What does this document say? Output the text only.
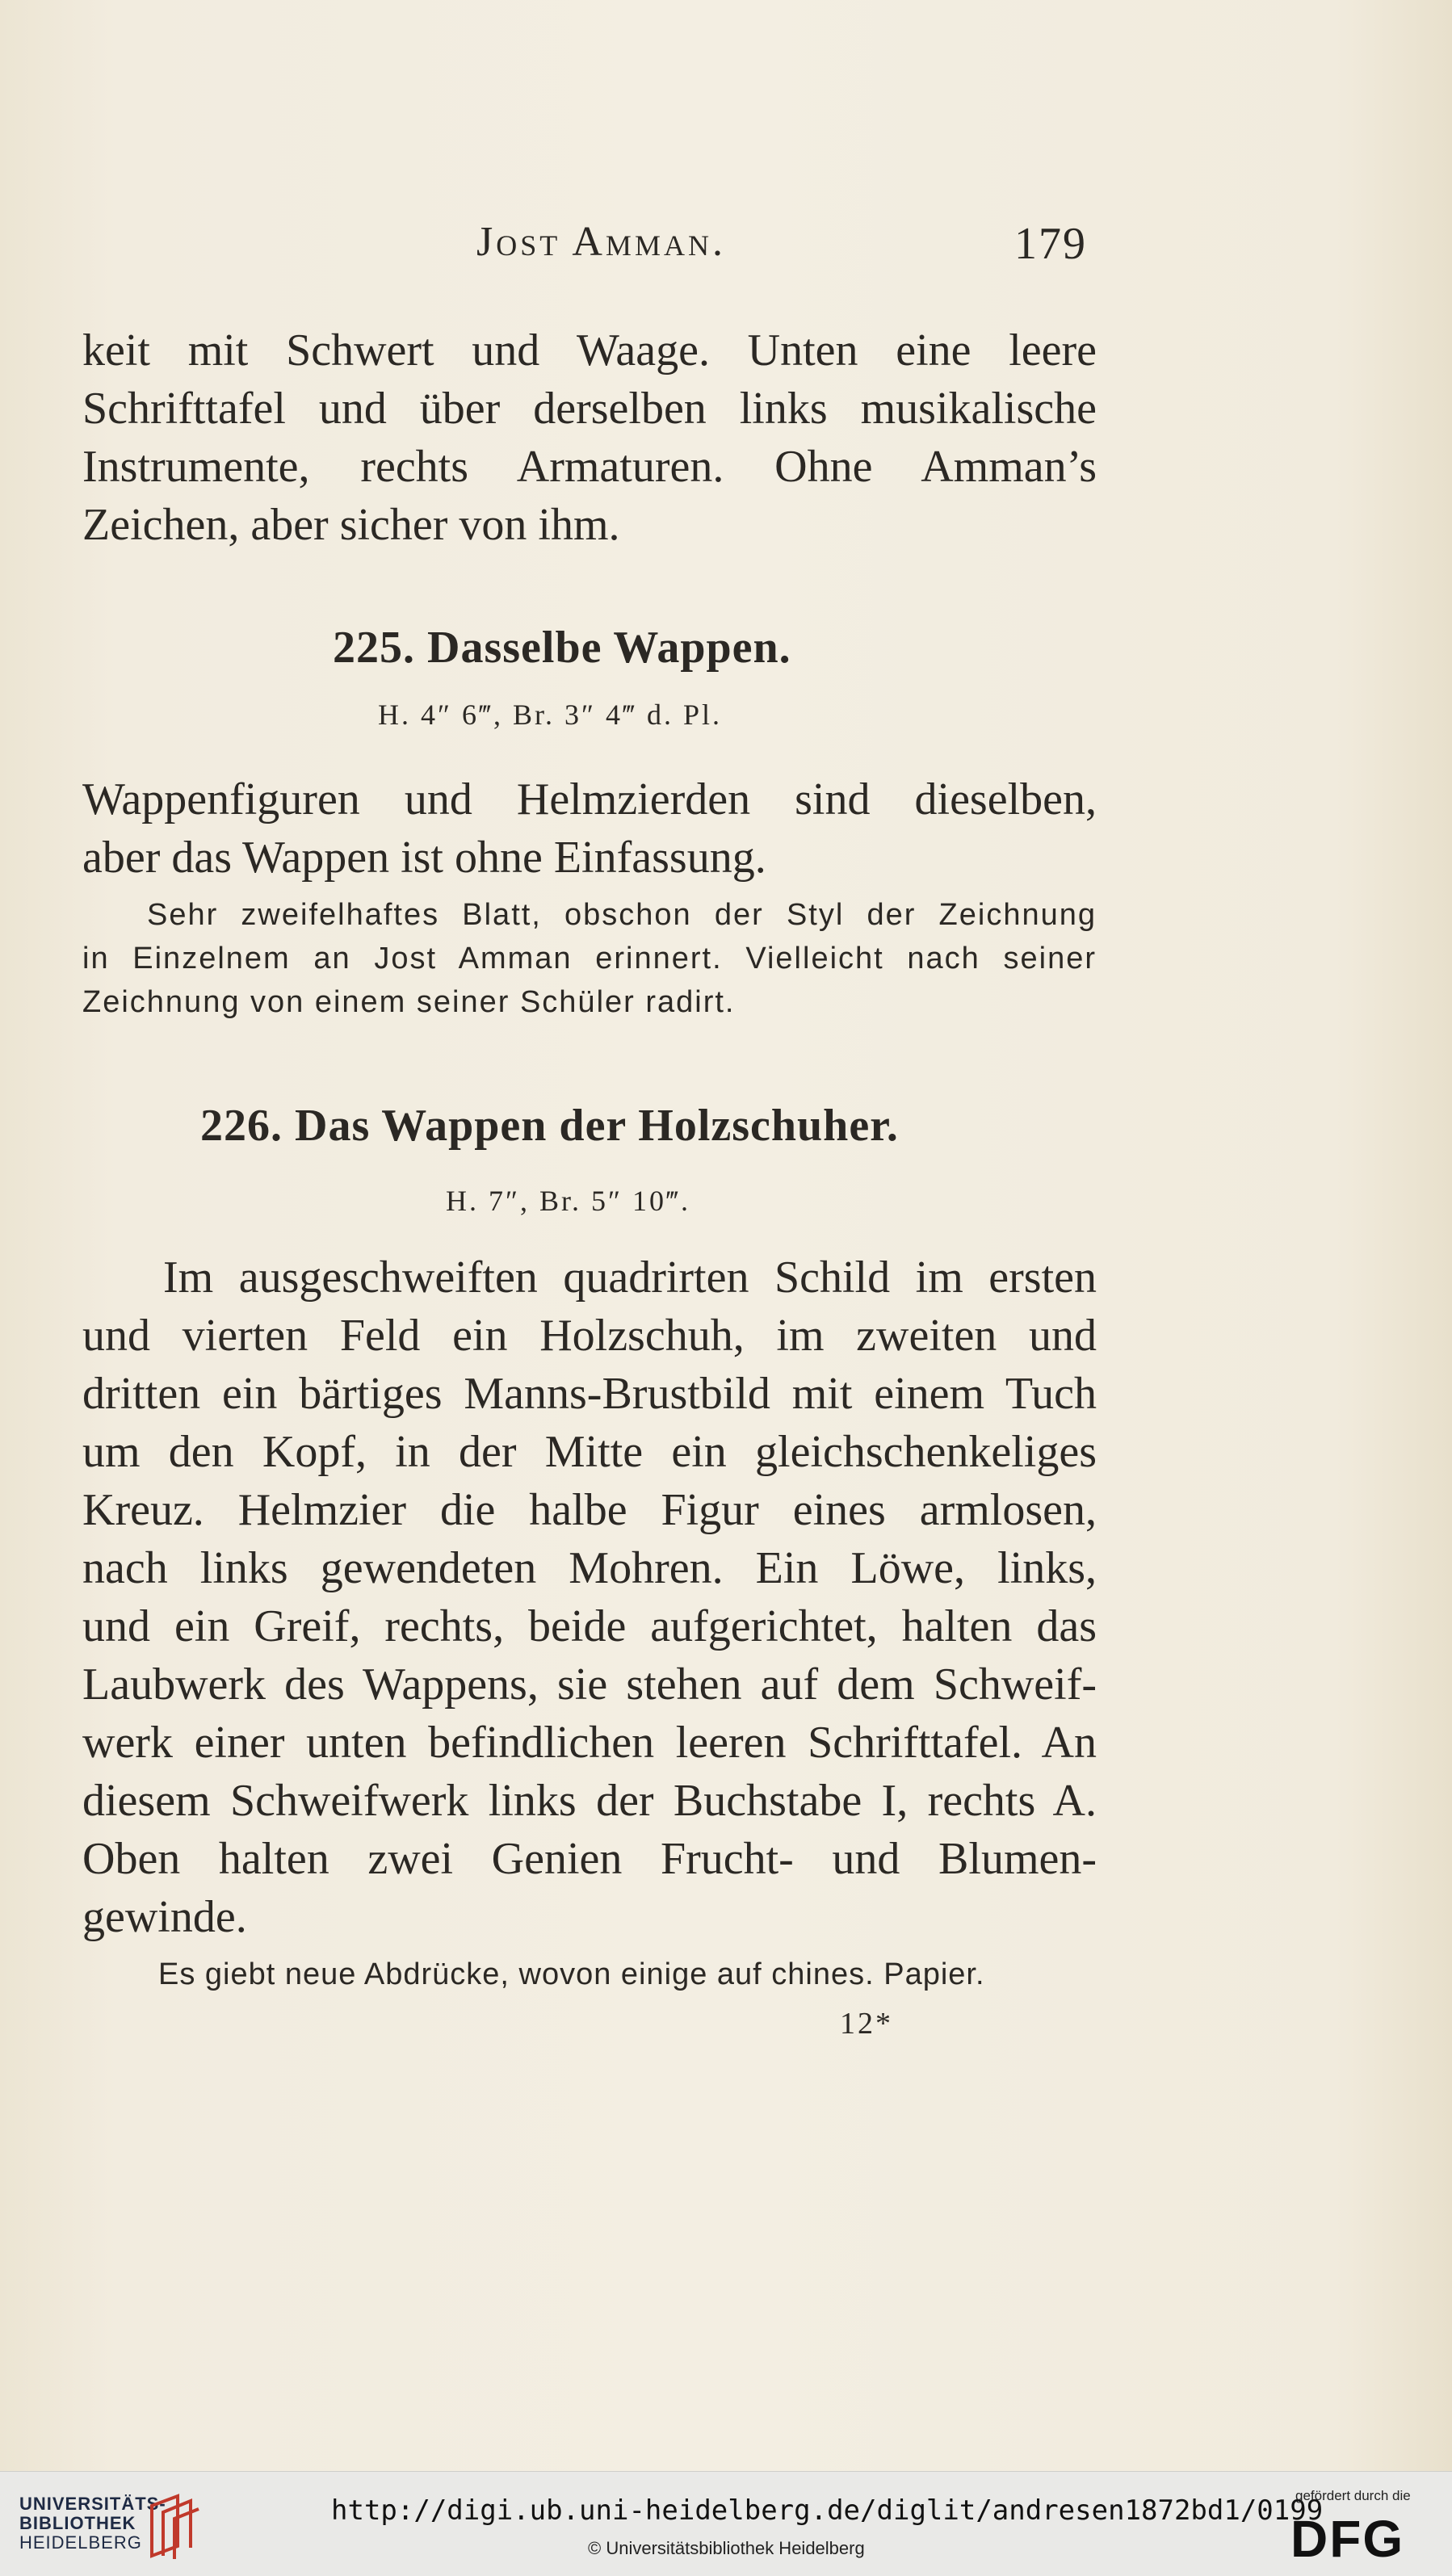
Jost Amman.	179
keit mit Schwert und Waage. Unten eine leere
Schrifttafel und über derselben links musikalische
Instrumente, rechts Armaturen. Ohne Amman’s
Zeichen, aber sicher von ihm.
225. Dasselbe Wappen.
H. 4″ 6‴, Br. 3″ 4‴ d. Pl.
Wappenfiguren und Helmzierden sind dieselben,
aber das Wappen ist ohne Einfassung.
Sehr zweifelhaftes Blatt, obschon der Styl der Zeichnung
in Einzelnem an Jost Amman erinnert. Vielleicht nach seiner
Zeichnung von einem seiner Schüler radirt.
226. Das Wappen der Holzschuher.
H. 7″, Br. 5″ 10‴.
Im ausgeschweiften quadrirten Schild im ersten
und vierten Feld ein Holzschuh, im zweiten und
dritten ein bärtiges Manns-Brustbild mit einem Tuch
um den Kopf, in der Mitte ein gleichschenkeliges
Kreuz. Helmzier die halbe Figur eines armlosen,
nach links gewendeten Mohren. Ein Löwe, links,
und ein Greif, rechts, beide aufgerichtet, halten das
Laubwerk des Wappens, sie stehen auf dem Schweif-
werk einer unten befindlichen leeren Schrifttafel. An
diesem Schweifwerk links der Buchstabe I, rechts A.
Oben halten zwei Genien Frucht- und Blumen-
gewinde.
Es giebt neue Abdrücke, wovon einige auf chines. Papier.
12*
UNIVERSITÄTS-
BIBLIOTHEK
HEIDELBERG
http://digi.ub.uni-heidelberg.de/diglit/andresen1872bd1/0199
© Universitätsbibliothek Heidelberg
gefördert durch die
DFG
